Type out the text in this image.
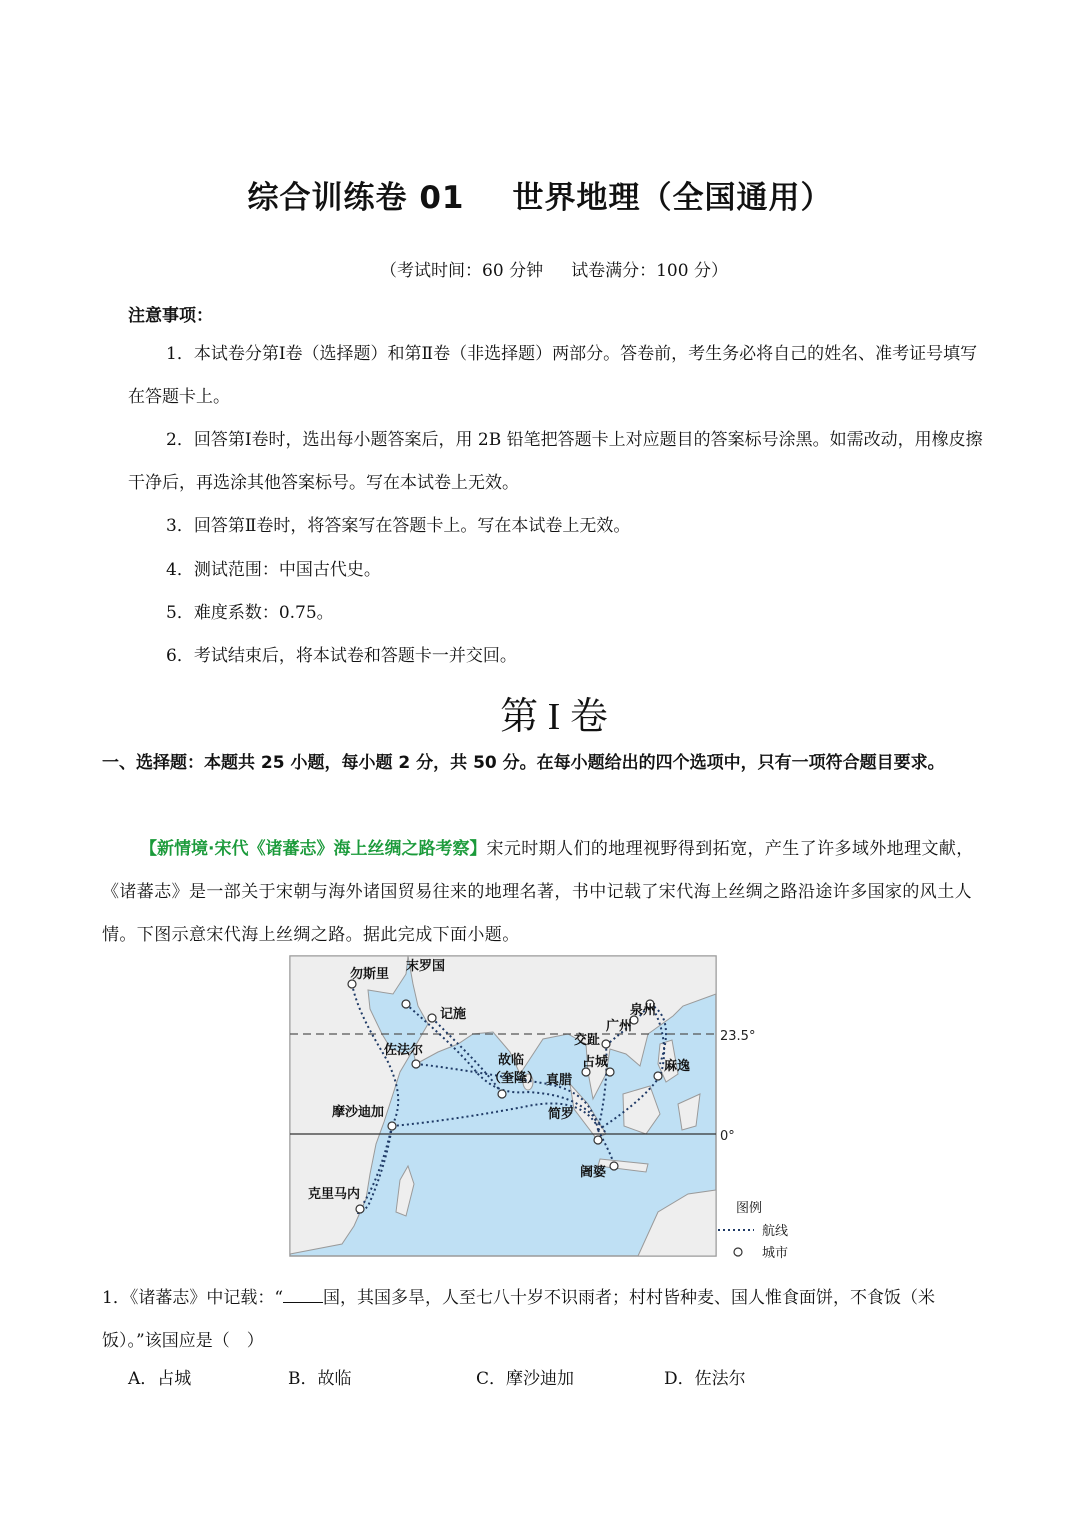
综合训练卷 01 世界地理（全国通用）
（考试时间：60 分钟 试卷满分：100 分）
注意事项：
1．本试卷分第Ⅰ卷（选择题）和第Ⅱ卷（非选择题）两部分。答卷前，考生务必将自己的姓名、准考证号填写在答题卡上。
2．回答第Ⅰ卷时，选出每小题答案后，用 2B 铅笔把答题卡上对应题目的答案标号涂黑。如需改动，用橡皮擦干净后，再选涂其他答案标号。写在本试卷上无效。
3．回答第Ⅱ卷时，将答案写在答题卡上。写在本试卷上无效。
4．测试范围：中国古代史。
5．难度系数：0.75。
6．考试结束后，将本试卷和答题卡一并交回。
第 I 卷
一、选择题：本题共 25 小题，每小题 2 分，共 50 分。在每小题给出的四个选项中，只有一项符合题目要求。
【新情境·宋代《诸蕃志》海上丝绸之路考察】宋元时期人们的地理视野得到拓宽，产生了许多域外地理文献，《诸蕃志》是一部关于宋朝与海外诸国贸易往来的地理名著，书中记载了宋代海上丝绸之路沿途许多国家的风土人情。下图示意宋代海上丝绸之路。据此完成下面小题。
23.5°
0°
勿斯里
末罗国
记施
佐法尔
故临
（奎隆） 真腊
交趾
占城
广州
泉州
麻逸
摩沙迪加	简罗
阇婆
克里马内
图例
航线
城市
1．《诸蕃志》中记载：“ 国，其国多旱，人至七八十岁不识雨者；村村皆种麦、国人惟食面饼，不食饭（米饭）。”该国应是（　）
A．占城	B．故临	C．摩沙迪加	D．佐法尔
